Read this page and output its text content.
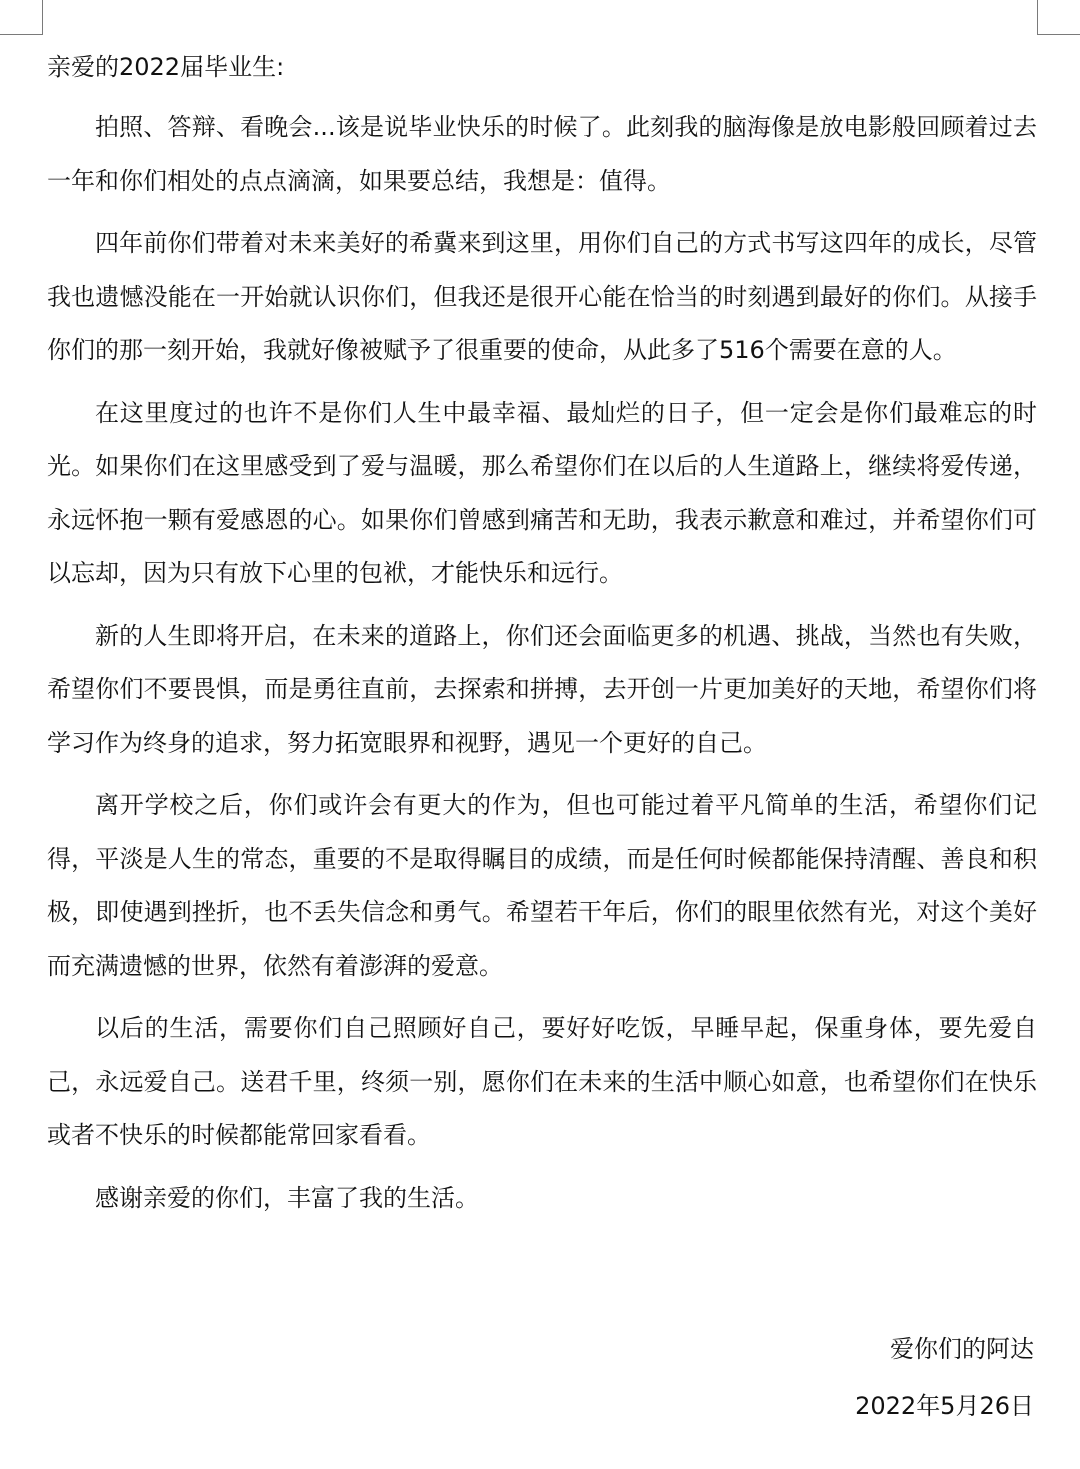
亲爱的2022届毕业生:

拍照、答辩、看晚会...该是说毕业快乐的时候了。此刻我的脑海像是放电影般回顾着过去一年和你们相处的点点滴滴，如果要总结，我想是：值得。

四年前你们带着对未来美好的希冀来到这里，用你们自己的方式书写这四年的成长，尽管我也遗憾没能在一开始就认识你们，但我还是很开心能在恰当的时刻遇到最好的你们。从接手你们的那一刻开始，我就好像被赋予了很重要的使命，从此多了516个需要在意的人。

在这里度过的也许不是你们人生中最幸福、最灿烂的日子，但一定会是你们最难忘的时光。如果你们在这里感受到了爱与温暖，那么希望你们在以后的人生道路上，继续将爱传递，永远怀抱一颗有爱感恩的心。如果你们曾感到痛苦和无助，我表示歉意和难过，并希望你们可以忘却，因为只有放下心里的包袱，才能快乐和远行。

新的人生即将开启，在未来的道路上，你们还会面临更多的机遇、挑战，当然也有失败，希望你们不要畏惧，而是勇往直前，去探索和拼搏，去开创一片更加美好的天地，希望你们将学习作为终身的追求，努力拓宽眼界和视野，遇见一个更好的自己。

离开学校之后，你们或许会有更大的作为，但也可能过着平凡简单的生活，希望你们记得，平淡是人生的常态，重要的不是取得瞩目的成绩，而是任何时候都能保持清醒、善良和积极，即使遇到挫折，也不丢失信念和勇气。希望若干年后，你们的眼里依然有光，对这个美好而充满遗憾的世界，依然有着澎湃的爱意。

以后的生活，需要你们自己照顾好自己，要好好吃饭，早睡早起，保重身体，要先爱自己，永远爱自己。送君千里，终须一别，愿你们在未来的生活中顺心如意，也希望你们在快乐或者不快乐的时候都能常回家看看。

感谢亲爱的你们，丰富了我的生活。

爱你们的阿达
2022年5月26日
